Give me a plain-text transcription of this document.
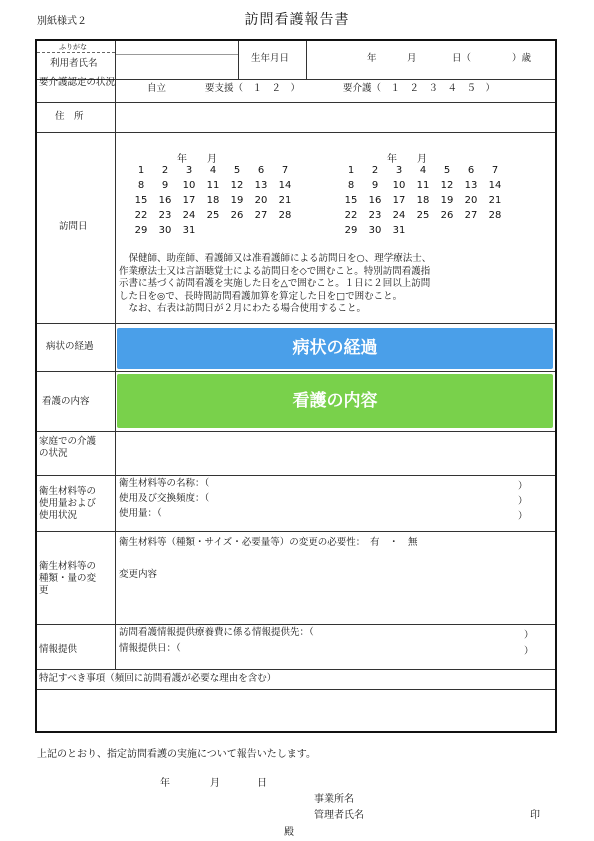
別紙様式２	訪問看護報告書
ふりがな
利用者氏名	生年月日	年	月	日（	）歳
要介護認定の状況
自立	要支援（　１　２　）	要介護（　１　２　３　４　５　）
住　所
訪問日
年　　月
1	2	3	4	5	6	7
8	9	10 11 12 13 14
15 16 17 18 19 20 21
22 23 24 25 26 27 28
29 30 31
年　　月
1	2	3	4	5	6	7
8	9	10 11 12 13 14
15 16 17 18 19 20 21
22 23 24 25 26 27 28
29 30 31
　保健師、助産師、看護師又は准看護師による訪問日を○、理学療法士、
作業療法士又は言語聴覚士による訪問日を◇で囲むこと。特別訪問看護指
示書に基づく訪問看護を実施した日を△で囲むこと。１日に２回以上訪問
した日を◎で、長時間訪問看護加算を算定した日を□で囲むこと。
　なお、右表は訪問日が２月にわたる場合使用すること。
病状の経過	病状の経過
看護の内容	看護の内容
家庭での介護
の状況
衛生材料等の
使用量および
使用状況
衛生材料等の名称：（
使用及び交換頻度：（
使用量：（
）
）
）
衛生材料等の
種類・量の変
更
衛生材料等（種類・サイズ・必要量等）の変更の必要性：　有　・　無
変更内容
情報提供
訪問看護情報提供療養費に係る情報提供先：（
情報提供日：（
）
）
特記すべき事項（頻回に訪問看護が必要な理由を含む）
上記のとおり、指定訪問看護の実施について報告いたします。
年	月	日
事業所名
管理者氏名	印
殿
